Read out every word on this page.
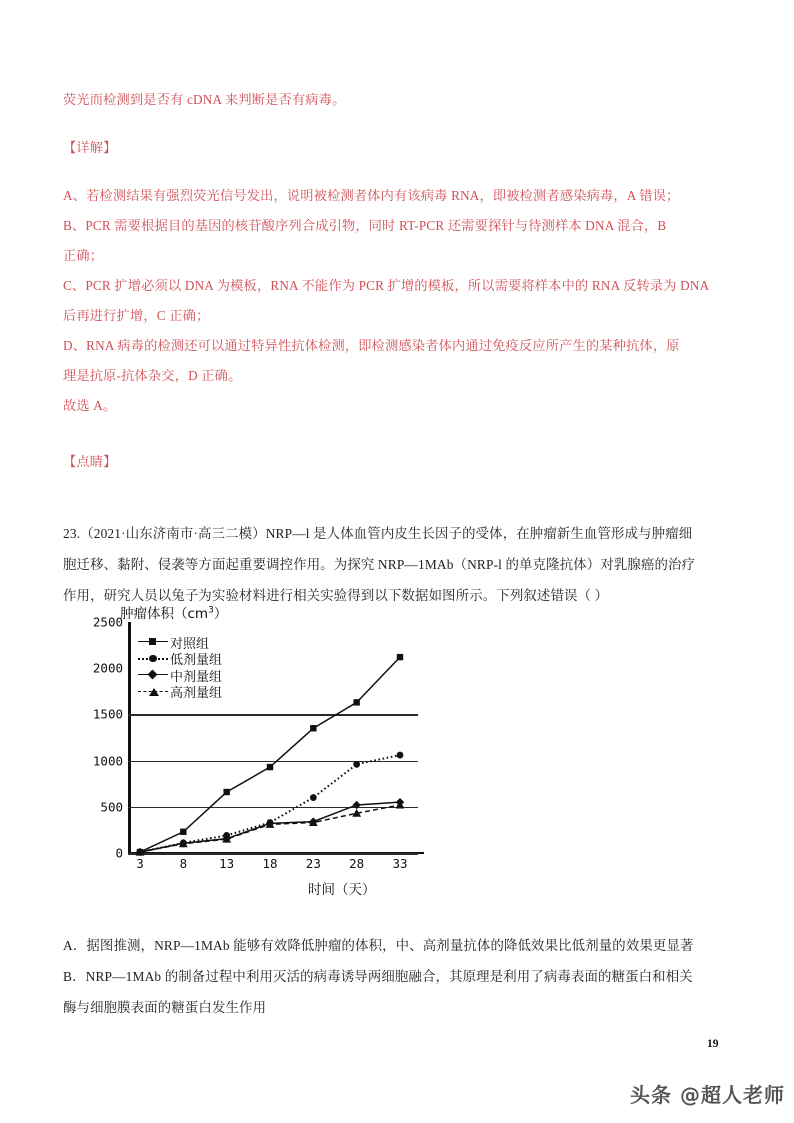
荧光而检测到是否有 cDNA 来判断是否有病毒。
【详解】
A、若检测结果有强烈荧光信号发出，说明被检测者体内有该病毒 RNA，即被检测者感染病毒，A 错误；
B、PCR 需要根据目的基因的核苷酸序列合成引物，同时 RT-PCR 还需要探针与待测样本 DNA 混合，B
正确；
C、PCR 扩增必须以 DNA 为模板，RNA 不能作为 PCR 扩增的模板，所以需要将样本中的 RNA 反转录为 DNA
后再进行扩增，C 正确；
D、RNA 病毒的检测还可以通过特异性抗体检测，即检测感染者体内通过免疫反应所产生的某种抗体，原
理是抗原-抗体杂交，D 正确。
故选 A。
【点睛】
23.（2021·山东济南市·高三二模）NRP—l 是人体血管内皮生长因子的受体，在肿瘤新生血管形成与肿瘤细
胞迁移、黏附、侵袭等方面起重要调控作用。为探究 NRP—1MAb（NRP-l 的单克隆抗体）对乳腺癌的治疗
作用，研究人员以兔子为实验材料进行相关实验得到以下数据如图所示。下列叙述错误（ ）
肿瘤体积$(cm^3)$
0
500
1000
1500
2000
2500
对照组
低剂量组
中剂量组
高剂量组
3	8	13 18 23 28 33
时间（天）
A．据图推测，NRP—1MAb 能够有效降低肿瘤的体积，中、高剂量抗体的降低效果比低剂量的效果更显著
B．NRP—1MAb 的制备过程中利用灭活的病毒诱导两细胞融合，其原理是利用了病毒表面的糖蛋白和相关
酶与细胞膜表面的糖蛋白发生作用
19
头条 @超人老师
